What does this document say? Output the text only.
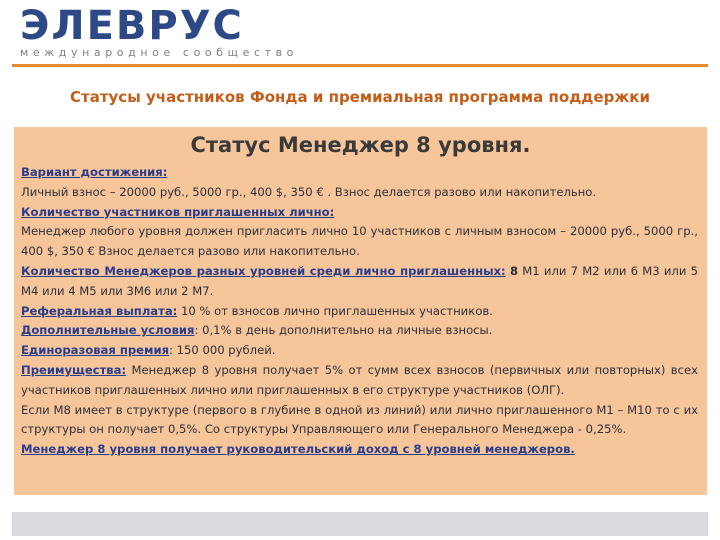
ЭЛЕВРУС
международное сообщество
Статусы участников Фонда и премиальная программа поддержки
Статус Менеджер 8 уровня.

Вариант достижения:
Личный взнос – 20000 руб., 5000 гр., 400 $, 350 € . Взнос делается разово или накопительно.

Количество участников приглашенных лично:
Менеджер любого уровня должен пригласить лично 10 участников с личным взносом – 20000 руб., 5000 гр., 400 $, 350 € Взнос делается разово или накопительно.

Количество Менеджеров разных уровней среди лично приглашенных: 8 М1 или 7 М2 или 6 М3 или 5 М4 или 4 М5 или 3М6 или 2 М7.

Реферальная выплата: 10 % от взносов лично приглашенных участников.

Дополнительные условия: 0,1% в день дополнительно на личные взносы.

Единоразовая премия: 150 000 рублей.

Преимущества: Менеджер 8 уровня получает 5% от сумм всех взносов (первичных или повторных) всех участников приглашенных лично или приглашенных в его структуре участников (ОЛГ).

Если М8 имеет в структуре (первого в глубине в одной из линий) или лично приглашенного М1 – М10 то с их структуры он получает 0,5%. Со структуры Управляющего или Генерального Менеджера - 0,25%.

Менеджер 8 уровня получает руководительский доход с 8 уровней менеджеров.
